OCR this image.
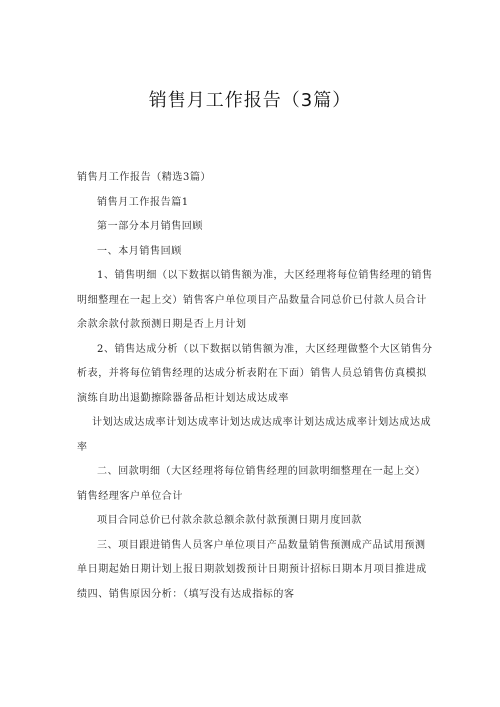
销售月工作报告（3篇）

销售月工作报告（精选3篇）

销售月工作报告篇1

第一部分本月销售回顾

一、本月销售回顾

1、销售明细（以下数据以销售额为准，大区经理将每位销售经理的销售明细整理在一起上交）销售客户单位项目产品数量合同总价已付款人员合计余款余款付款预测日期是否上月计划

2、销售达成分析（以下数据以销售额为准，大区经理做整个大区销售分析表，并将每位销售经理的达成分析表附在下面）销售人员总销售仿真模拟演练自助出退勤擦除器备品柜计划达成达成率

计划达成达成率计划达成率计划达成达成率计划达成达成率计划达成达成率

二、回款明细（大区经理将每位销售经理的回款明细整理在一起上交）销售经理客户单位合计

项目合同总价已付款余款总额余款付款预测日期月度回款

三、项目跟进销售人员客户单位项目产品数量销售预测成产品试用预测单日期起始日期计划上报日期款划拨预计日期预计招标日期本月项目推进成绩四、销售原因分析：（填写没有达成指标的客
